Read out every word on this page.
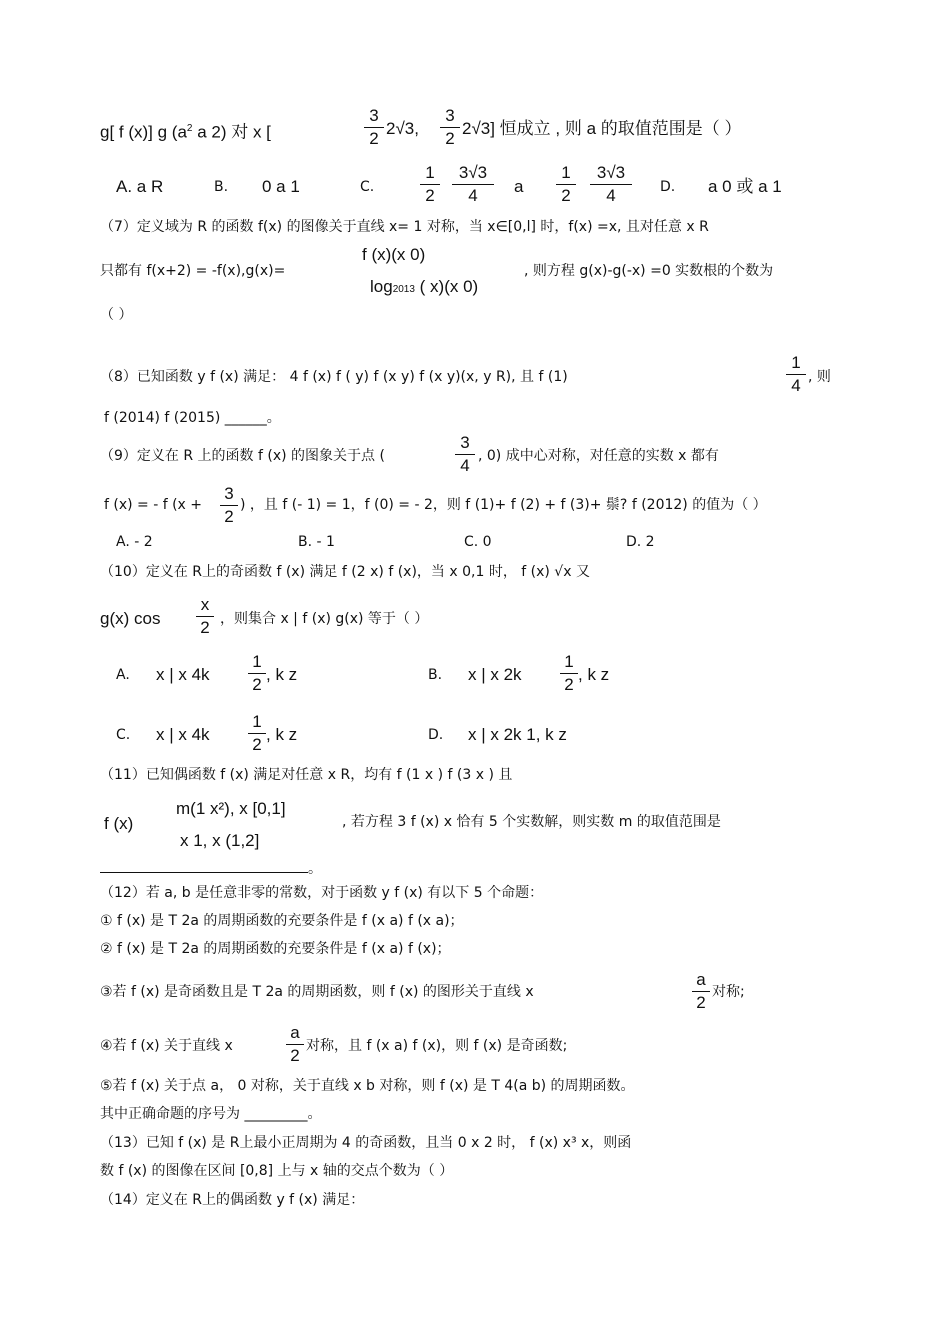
g[ f (x)] g ($a^2$ a 2) 对 x [
3
2
2√3,
3
2
2√3] 恒成立 , 则 a 的取值范围是（ ）
A. a R	B. 0 a 1	C.
1
2
3√3
4	a
1
2
3√3
4	D. a 0 或 a 1
（7）定义域为 R 的函数 f(x) 的图像关于直线 x= 1 对称，当 x∈[0,l] 时，f(x) =x, 且对任意 x R
只都有 f(x+2) = -f(x),g(x)=
f (x)(x 0)
log2013 ( x)(x 0)
, 则方程 g(x)-g(-x) =0 实数根的个数为
（ ）
（8）已知函数 y f (x) 满足： 4 f (x) f ( y) f (x y) f (x y)(x, y R), 且 f (1)
1
4 , 则
f (2014) f (2015) ______。
（9）定义在 R 上的函数 f (x) 的图象关于点 (
3
4 , 0) 成中心对称，对任意的实数 x 都有
f (x) = - f (x +
3
2
) ，且 f (- 1) = 1，f (0) = - 2，则 f (1)+ f (2) + f (3)+ 鬃? f (2012) 的值为（ ）
A. - 2	B. - 1	C. 0	D. 2
（10）定义在 R上的奇函数 f (x) 满足 f (2 x) f (x)，当 x 0,1 时， f (x) √x 又
g(x) cos
x
2 ，则集合 x | f (x) g(x) 等于（ ）
A. x | x 4k
1
2
, k z	B. x | x 2k
1
2
, k z
C. x | x 4k
1
2
, k z	D. x | x 2k 1, k z
（11）已知偶函数 f (x) 满足对任意 x R，均有 f (1 x ) f (3 x ) 且
f (x)
m(1 x²), x [0,1]
x 1, x (1,2]
, 若方程 3 f (x) x 恰有 5 个实数解，则实数 m 的取值范围是
。
（12）若 a, b 是任意非零的常数，对于函数 y f (x) 有以下 5 个命题：
① f (x) 是 T 2a 的周期函数的充要条件是 f (x a) f (x a)；
② f (x) 是 T 2a 的周期函数的充要条件是 f (x a) f (x)；
③若 f (x) 是奇函数且是 T 2a 的周期函数，则 f (x) 的图形关于直线 x
a
2
对称;
④若 f (x) 关于直线 x
a
2 对称，且 f (x a) f (x)，则 f (x) 是奇函数;
⑤若 f (x) 关于点 a， 0 对称，关于直线 x b 对称，则 f (x) 是 T 4(a b) 的周期函数。
其中正确命题的序号为 _________。
（13）已知 f (x) 是 R上最小正周期为 4 的奇函数，且当 0 x 2 时， f (x) x³ x，则函
数 f (x) 的图像在区间 [0,8] 上与 x 轴的交点个数为（ ）
（14）定义在 R上的偶函数 y f (x) 满足：
